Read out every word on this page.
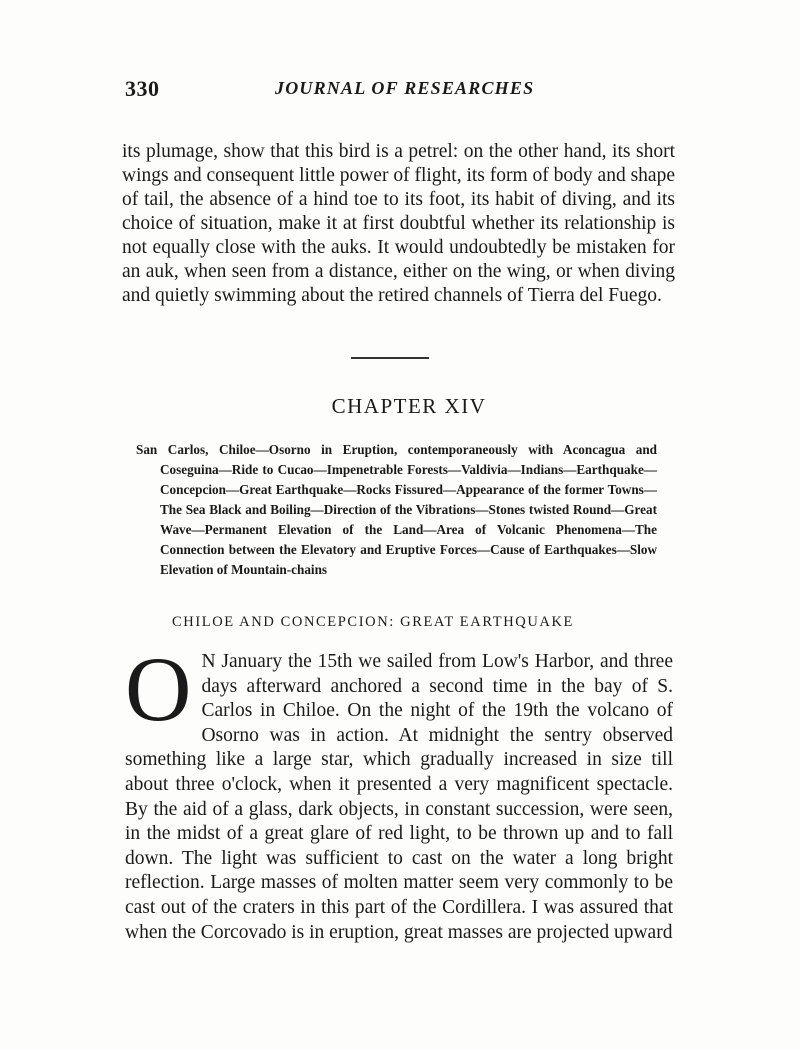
330	JOURNAL OF RESEARCHES

its plumage, show that this bird is a petrel: on the other hand, its short wings and consequent little power of flight, its form of body and shape of tail, the absence of a hind toe to its foot, its habit of diving, and its choice of situation, make it at first doubtful whether its relationship is not equally close with the auks. It would undoubtedly be mistaken for an auk, when seen from a distance, either on the wing, or when diving and quietly swimming about the retired channels of Tierra del Fuego.

CHAPTER XIV
San Carlos, Chiloe—Osorno in Eruption, contemporaneously with Aconcagua and Coseguina—Ride to Cucao—Impenetrable Forests—Valdivia—Indians—Earthquake—Concepcion—Great Earthquake—Rocks Fissured—Appearance of the former Towns—The Sea Black and Boiling—Direction of the Vibrations—Stones twisted Round—Great Wave—Permanent Elevation of the Land—Area of Volcanic Phenomena—The Connection between the Elevatory and Eruptive Forces—Cause of Earthquakes—Slow Elevation of Mountain-chains
CHILOE AND CONCEPCION: GREAT EARTHQUAKE
O N January the 15th we sailed from Low's Harbor, and three days afterward anchored a second time in the bay of S. Carlos in Chiloe. On the night of the 19th the volcano of Osorno was in action. At midnight the sentry observed something like a large star, which gradually increased in size till about three o'clock, when it presented a very magnificent spectacle. By the aid of a glass, dark objects, in constant succession, were seen, in the midst of a great glare of red light, to be thrown up and to fall down. The light was sufficient to cast on the water a long bright reflection. Large masses of molten matter seem very commonly to be cast out of the craters in this part of the Cordillera. I was assured that when the Corcovado is in eruption, great masses are projected upward
